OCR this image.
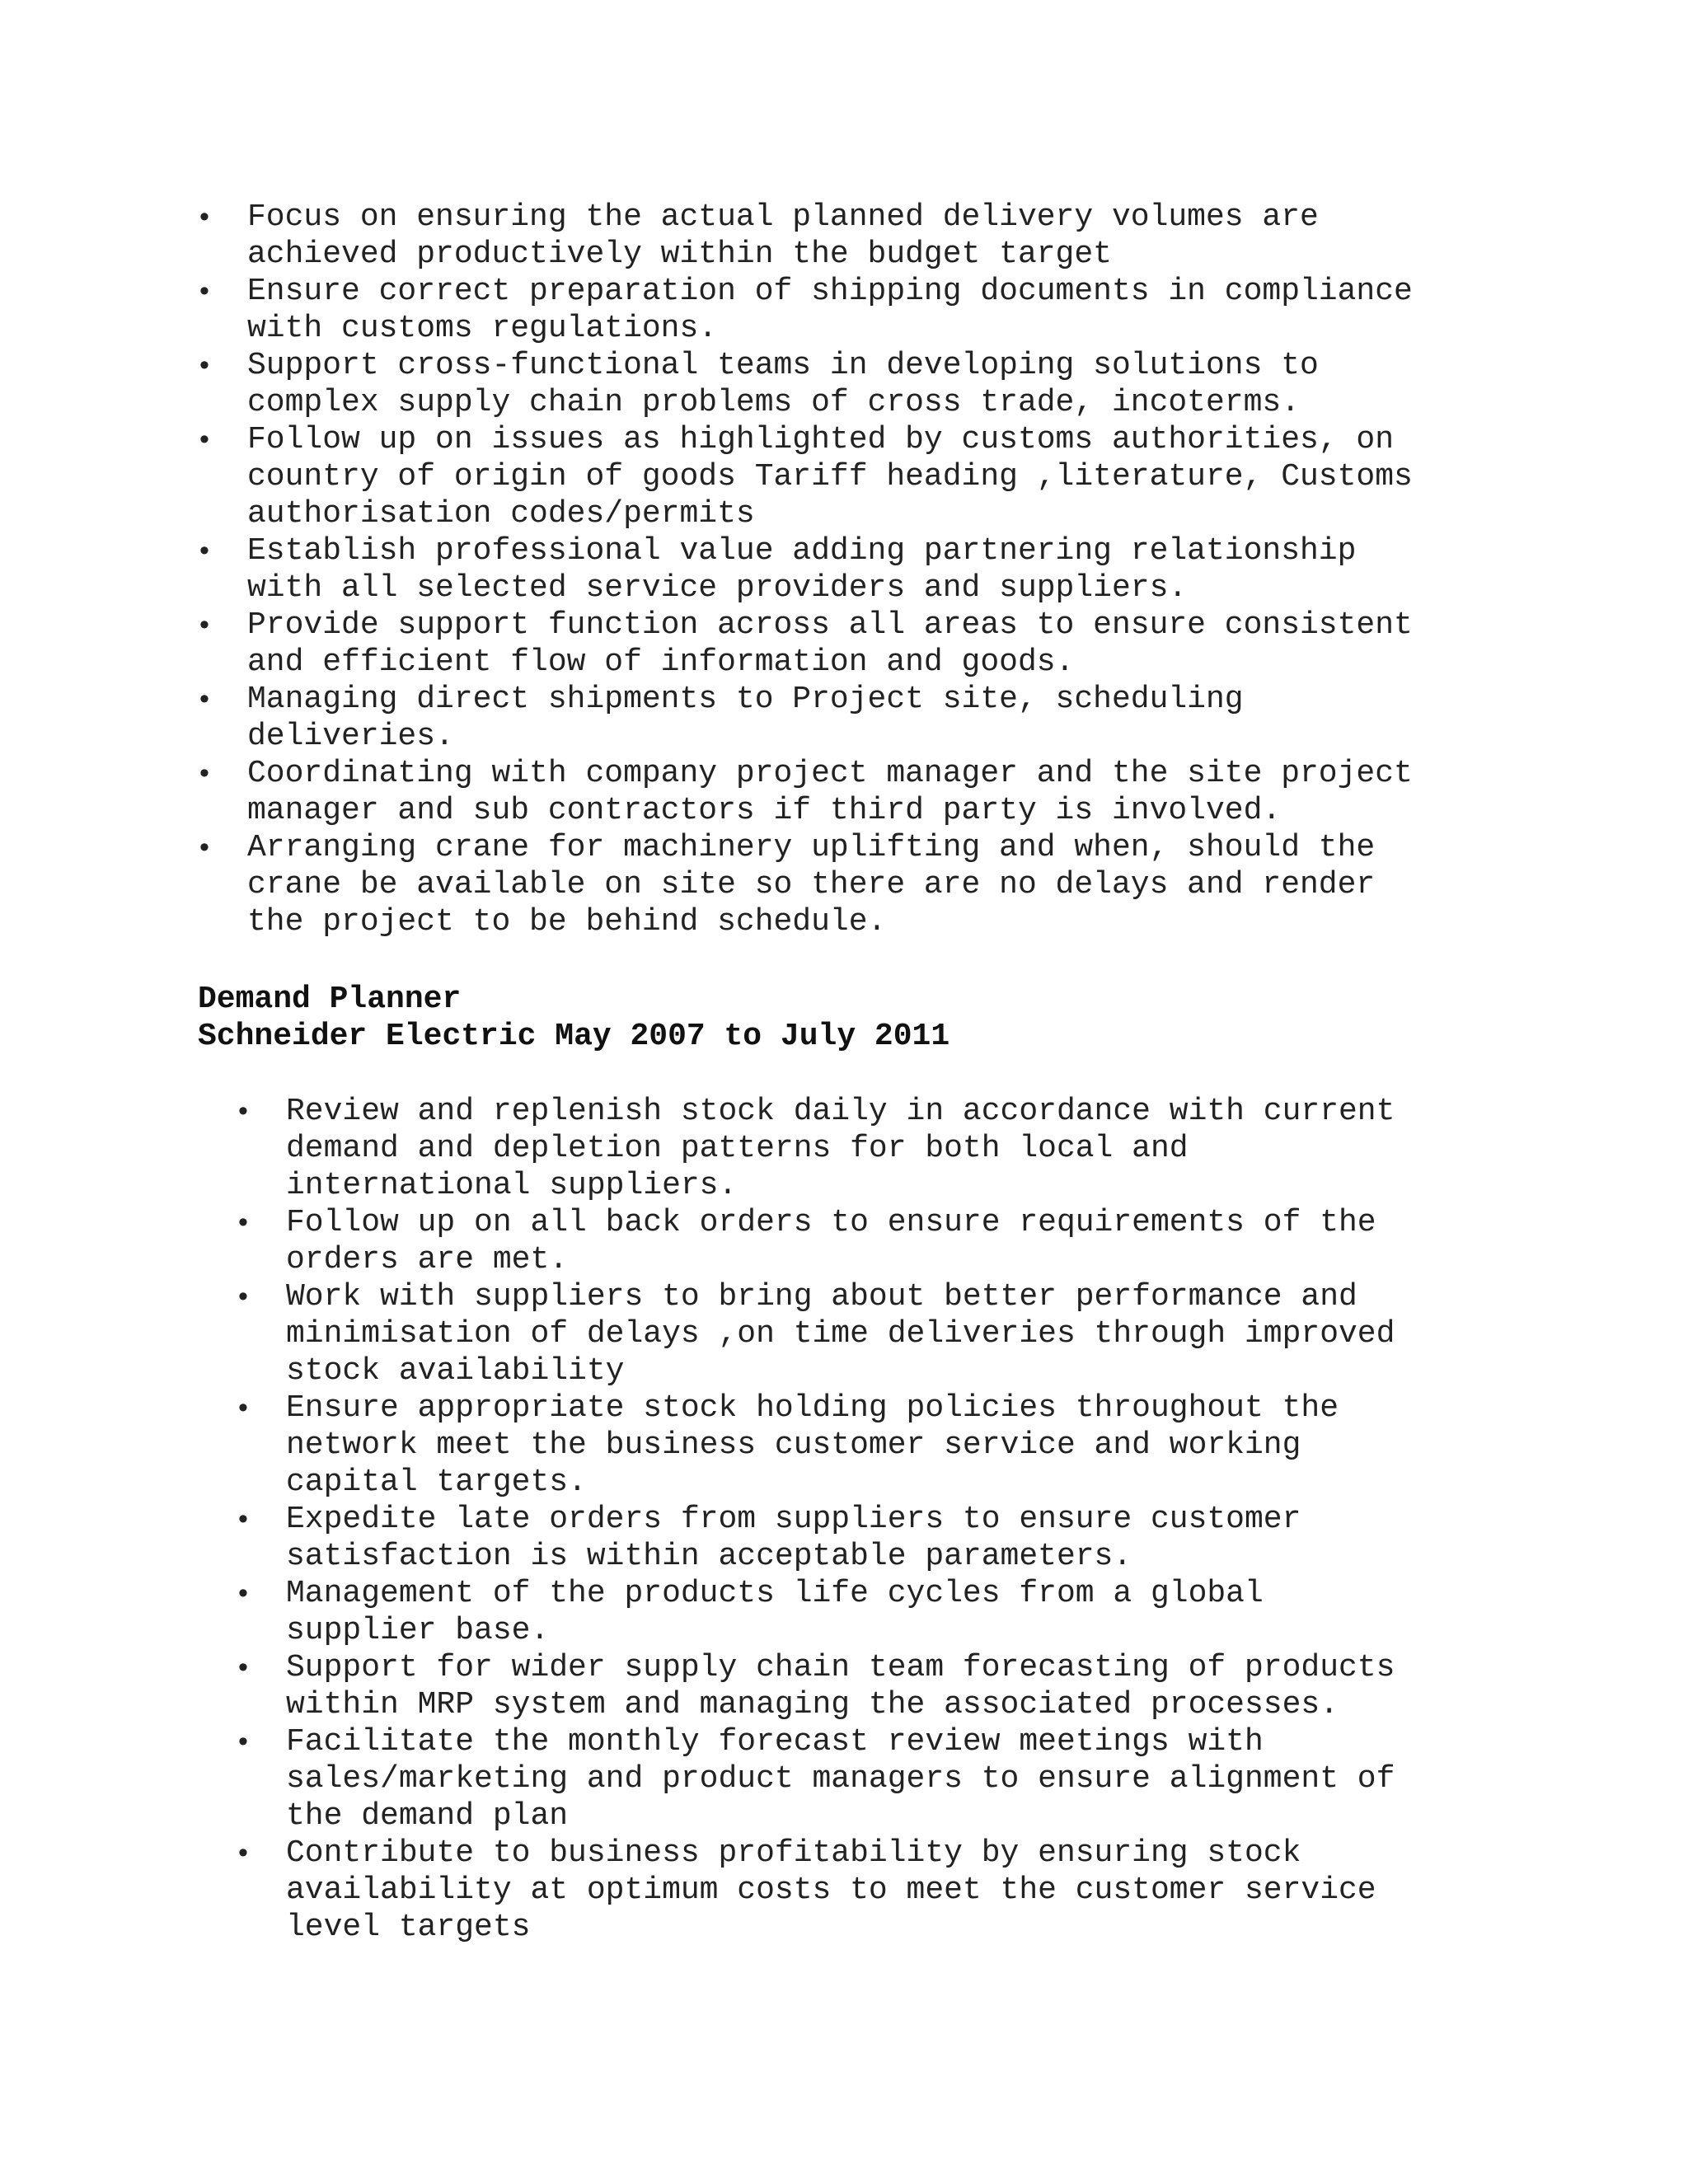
• Focus on ensuring the actual planned delivery volumes are
achieved productively within the budget target
• Ensure correct preparation of shipping documents in compliance
with customs regulations.
• Support cross-functional teams in developing solutions to
complex supply chain problems of cross trade, incoterms.
• Follow up on issues as highlighted by customs authorities, on
country of origin of goods Tariff heading ,literature, Customs
authorisation codes/permits
• Establish professional value adding partnering relationship
with all selected service providers and suppliers.
• Provide support function across all areas to ensure consistent
and efficient flow of information and goods.
• Managing direct shipments to Project site, scheduling
deliveries.
• Coordinating with company project manager and the site project
manager and sub contractors if third party is involved.
• Arranging crane for machinery uplifting and when, should the
crane be available on site so there are no delays and render
the project to be behind schedule.
Demand Planner
Schneider Electric May 2007 to July 2011
• Review and replenish stock daily in accordance with current
demand and depletion patterns for both local and
international suppliers.
• Follow up on all back orders to ensure requirements of the
orders are met.
• Work with suppliers to bring about better performance and
minimisation of delays ,on time deliveries through improved
stock availability
• Ensure appropriate stock holding policies throughout the
network meet the business customer service and working
capital targets.
• Expedite late orders from suppliers to ensure customer
satisfaction is within acceptable parameters.
• Management of the products life cycles from a global
supplier base.
• Support for wider supply chain team forecasting of products
within MRP system and managing the associated processes.
• Facilitate the monthly forecast review meetings with
sales/marketing and product managers to ensure alignment of
the demand plan
• Contribute to business profitability by ensuring stock
availability at optimum costs to meet the customer service
level targets
